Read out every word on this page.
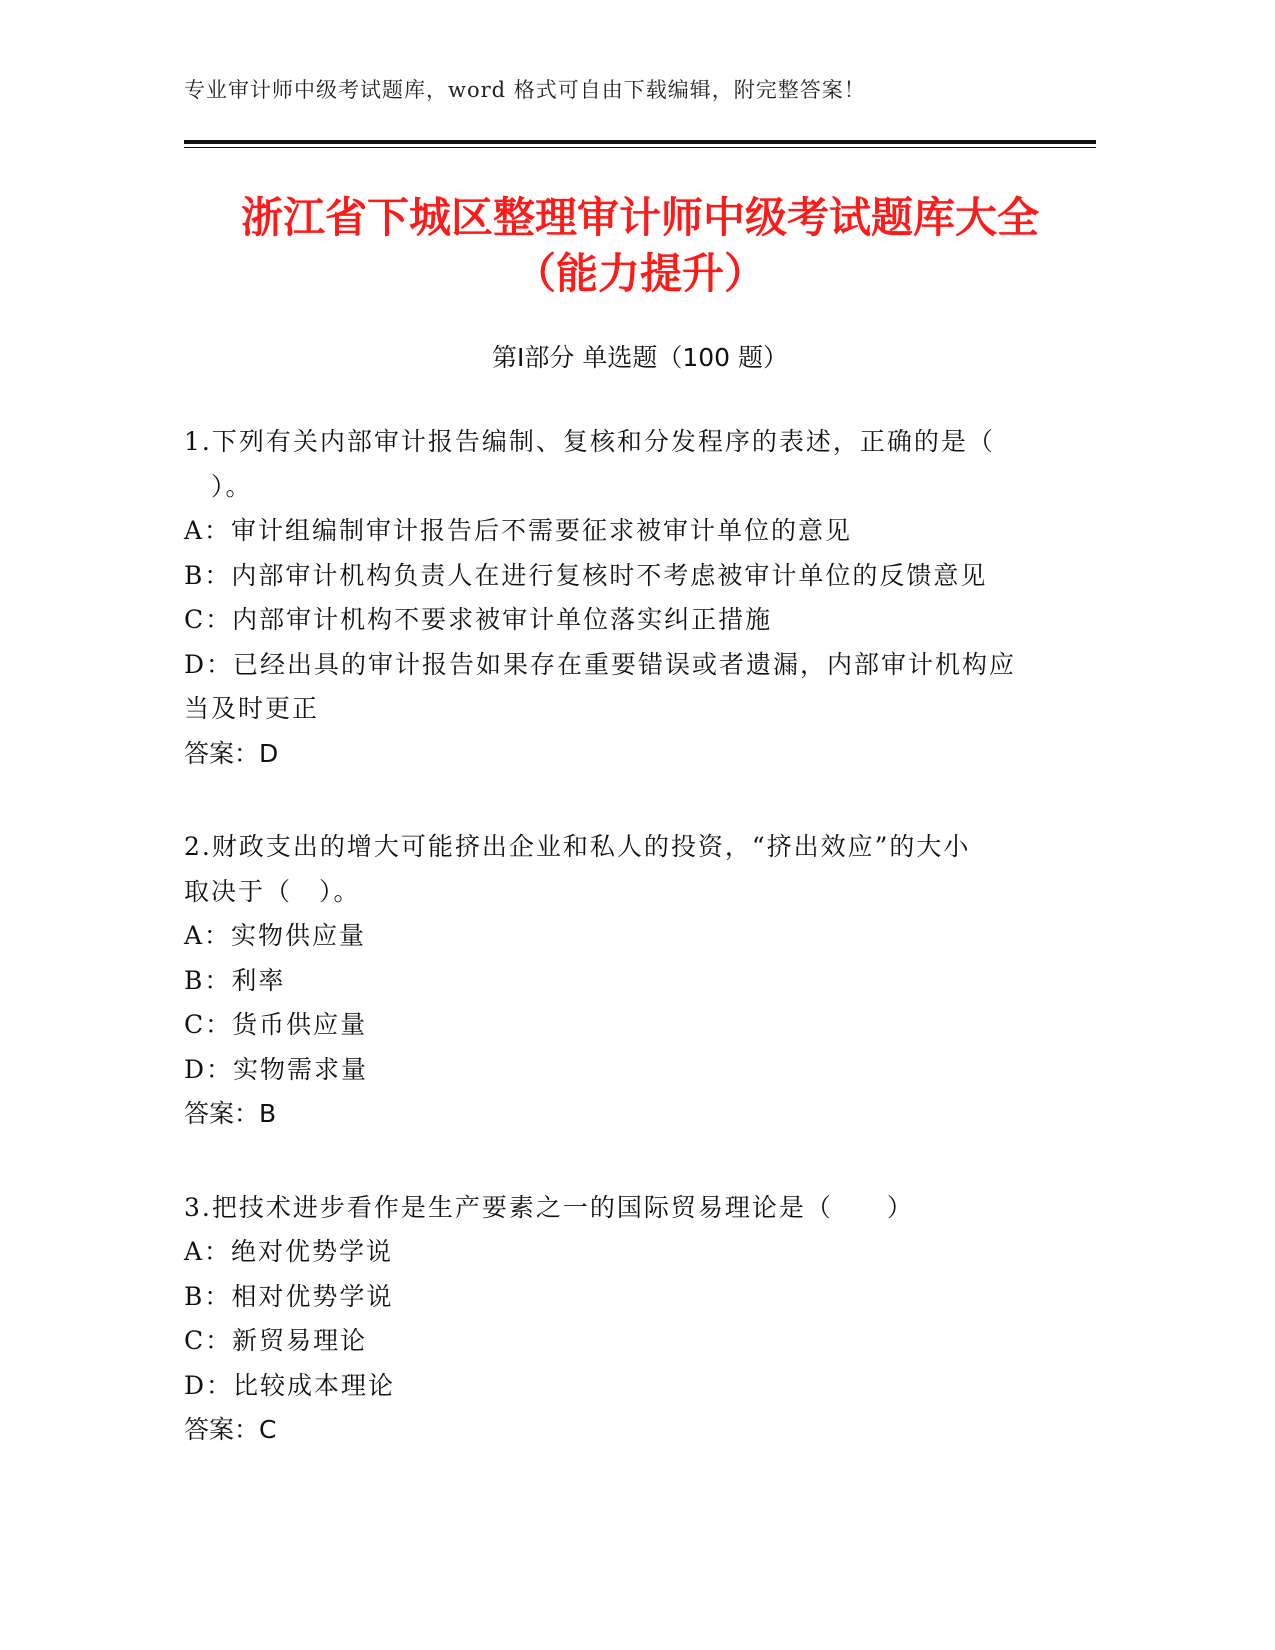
专业审计师中级考试题库，word 格式可自由下载编辑，附完整答案！
浙江省下城区整理审计师中级考试题库大全
（能力提升）
第Ⅰ部分 单选题（100 题）
1.下列有关内部审计报告编制、复核和分发程序的表述，正确的是（
　）。
A：审计组编制审计报告后不需要征求被审计单位的意见
B：内部审计机构负责人在进行复核时不考虑被审计单位的反馈意见
C：内部审计机构不要求被审计单位落实纠正措施
D：已经出具的审计报告如果存在重要错误或者遗漏，内部审计机构应
当及时更正
答案：D
2.财政支出的增大可能挤出企业和私人的投资，“挤出效应”的大小
取决于（　）。
A：实物供应量
B：利率
C：货币供应量
D：实物需求量
答案：B
3.把技术进步看作是生产要素之一的国际贸易理论是（　　）
A：绝对优势学说
B：相对优势学说
C：新贸易理论
D：比较成本理论
答案：C
